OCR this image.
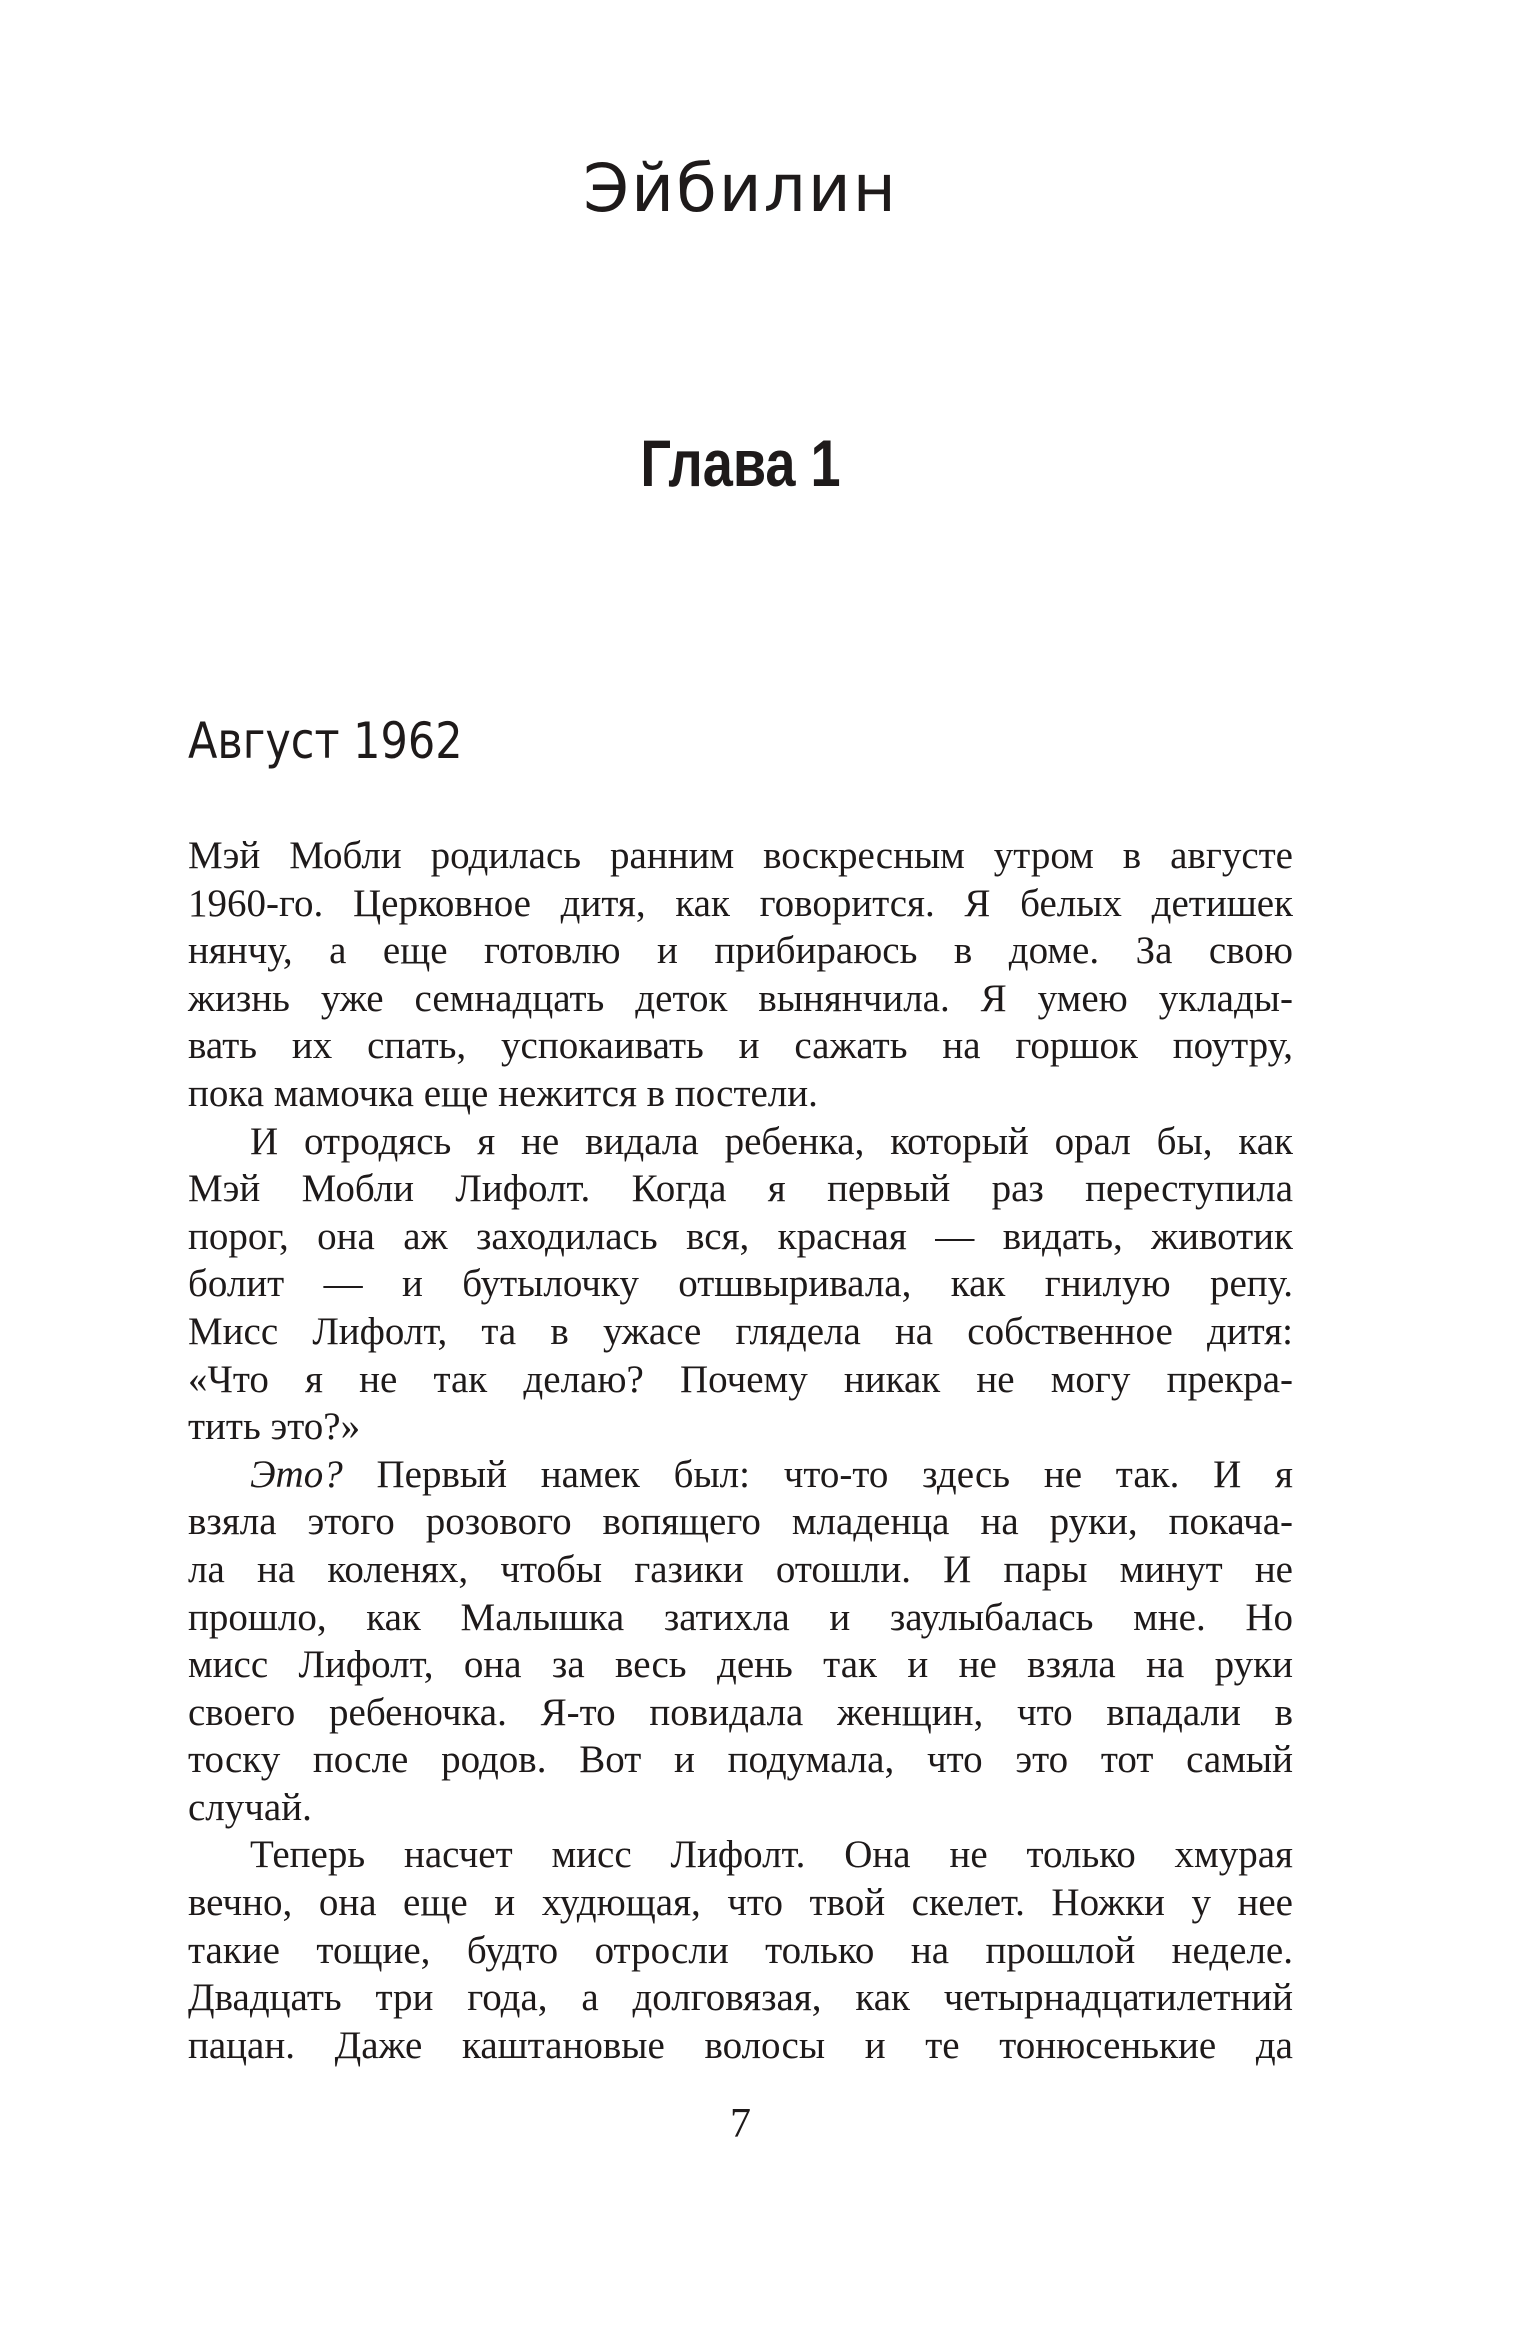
Эйбилин
Глава 1
Август 1962
Мэй Мобли родилась ранним воскресным утром в августе
1960-го. Церковное дитя, как говорится. Я белых детишек
нянчу, а еще готовлю и прибираюсь в доме. За свою
жизнь уже семнадцать деток вынянчила. Я умею уклады-
вать их спать, успокаивать и сажать на горшок поутру,
пока мамочка еще нежится в постели.
И отродясь я не видала ребенка, который орал бы, как
Мэй Мобли Лифолт. Когда я первый раз переступила
порог, она аж заходилась вся, красная — видать, животик
болит — и бутылочку отшвыривала, как гнилую репу.
Мисс Лифолт, та в ужасе глядела на собственное дитя:
«Что я не так делаю? Почему никак не могу прекра-
тить это?»
Это? Первый намек был: что-то здесь не так. И я
взяла этого розового вопящего младенца на руки, покача-
ла на коленях, чтобы газики отошли. И пары минут не
прошло, как Малышка затихла и заулыбалась мне. Но
мисс Лифолт, она за весь день так и не взяла на руки
своего ребеночка. Я-то повидала женщин, что впадали в
тоску после родов. Вот и подумала, что это тот самый
случай.
Теперь насчет мисс Лифолт. Она не только хмурая
вечно, она еще и худющая, что твой скелет. Ножки у нее
такие тощие, будто отросли только на прошлой неделе.
Двадцать три года, а долговязая, как четырнадцатилетний
пацан. Даже каштановые волосы и те тонюсенькие да
7
